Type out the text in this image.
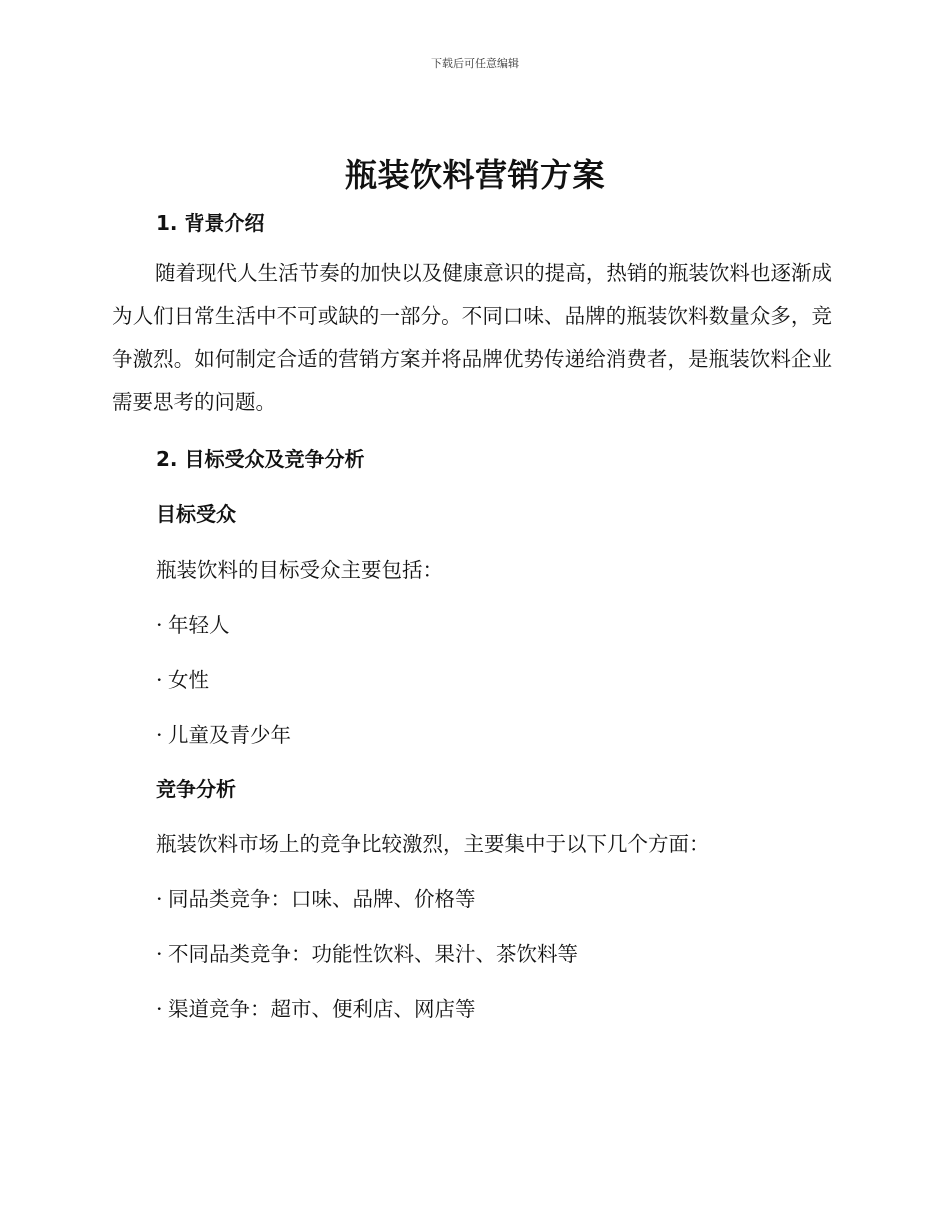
下载后可任意编辑
瓶装饮料营销方案
1. 背景介绍
随着现代人生活节奏的加快以及健康意识的提高，热销的瓶装饮料也逐渐成为人们日常生活中不可或缺的一部分。不同口味、品牌的瓶装饮料数量众多，竞争激烈。如何制定合适的营销方案并将品牌优势传递给消费者，是瓶装饮料企业需要思考的问题。
2. 目标受众及竞争分析
目标受众
瓶装饮料的目标受众主要包括：
· 年轻人
· 女性
· 儿童及青少年
竞争分析
瓶装饮料市场上的竞争比较激烈，主要集中于以下几个方面：
· 同品类竞争：口味、品牌、价格等
· 不同品类竞争：功能性饮料、果汁、茶饮料等
· 渠道竞争：超市、便利店、网店等
